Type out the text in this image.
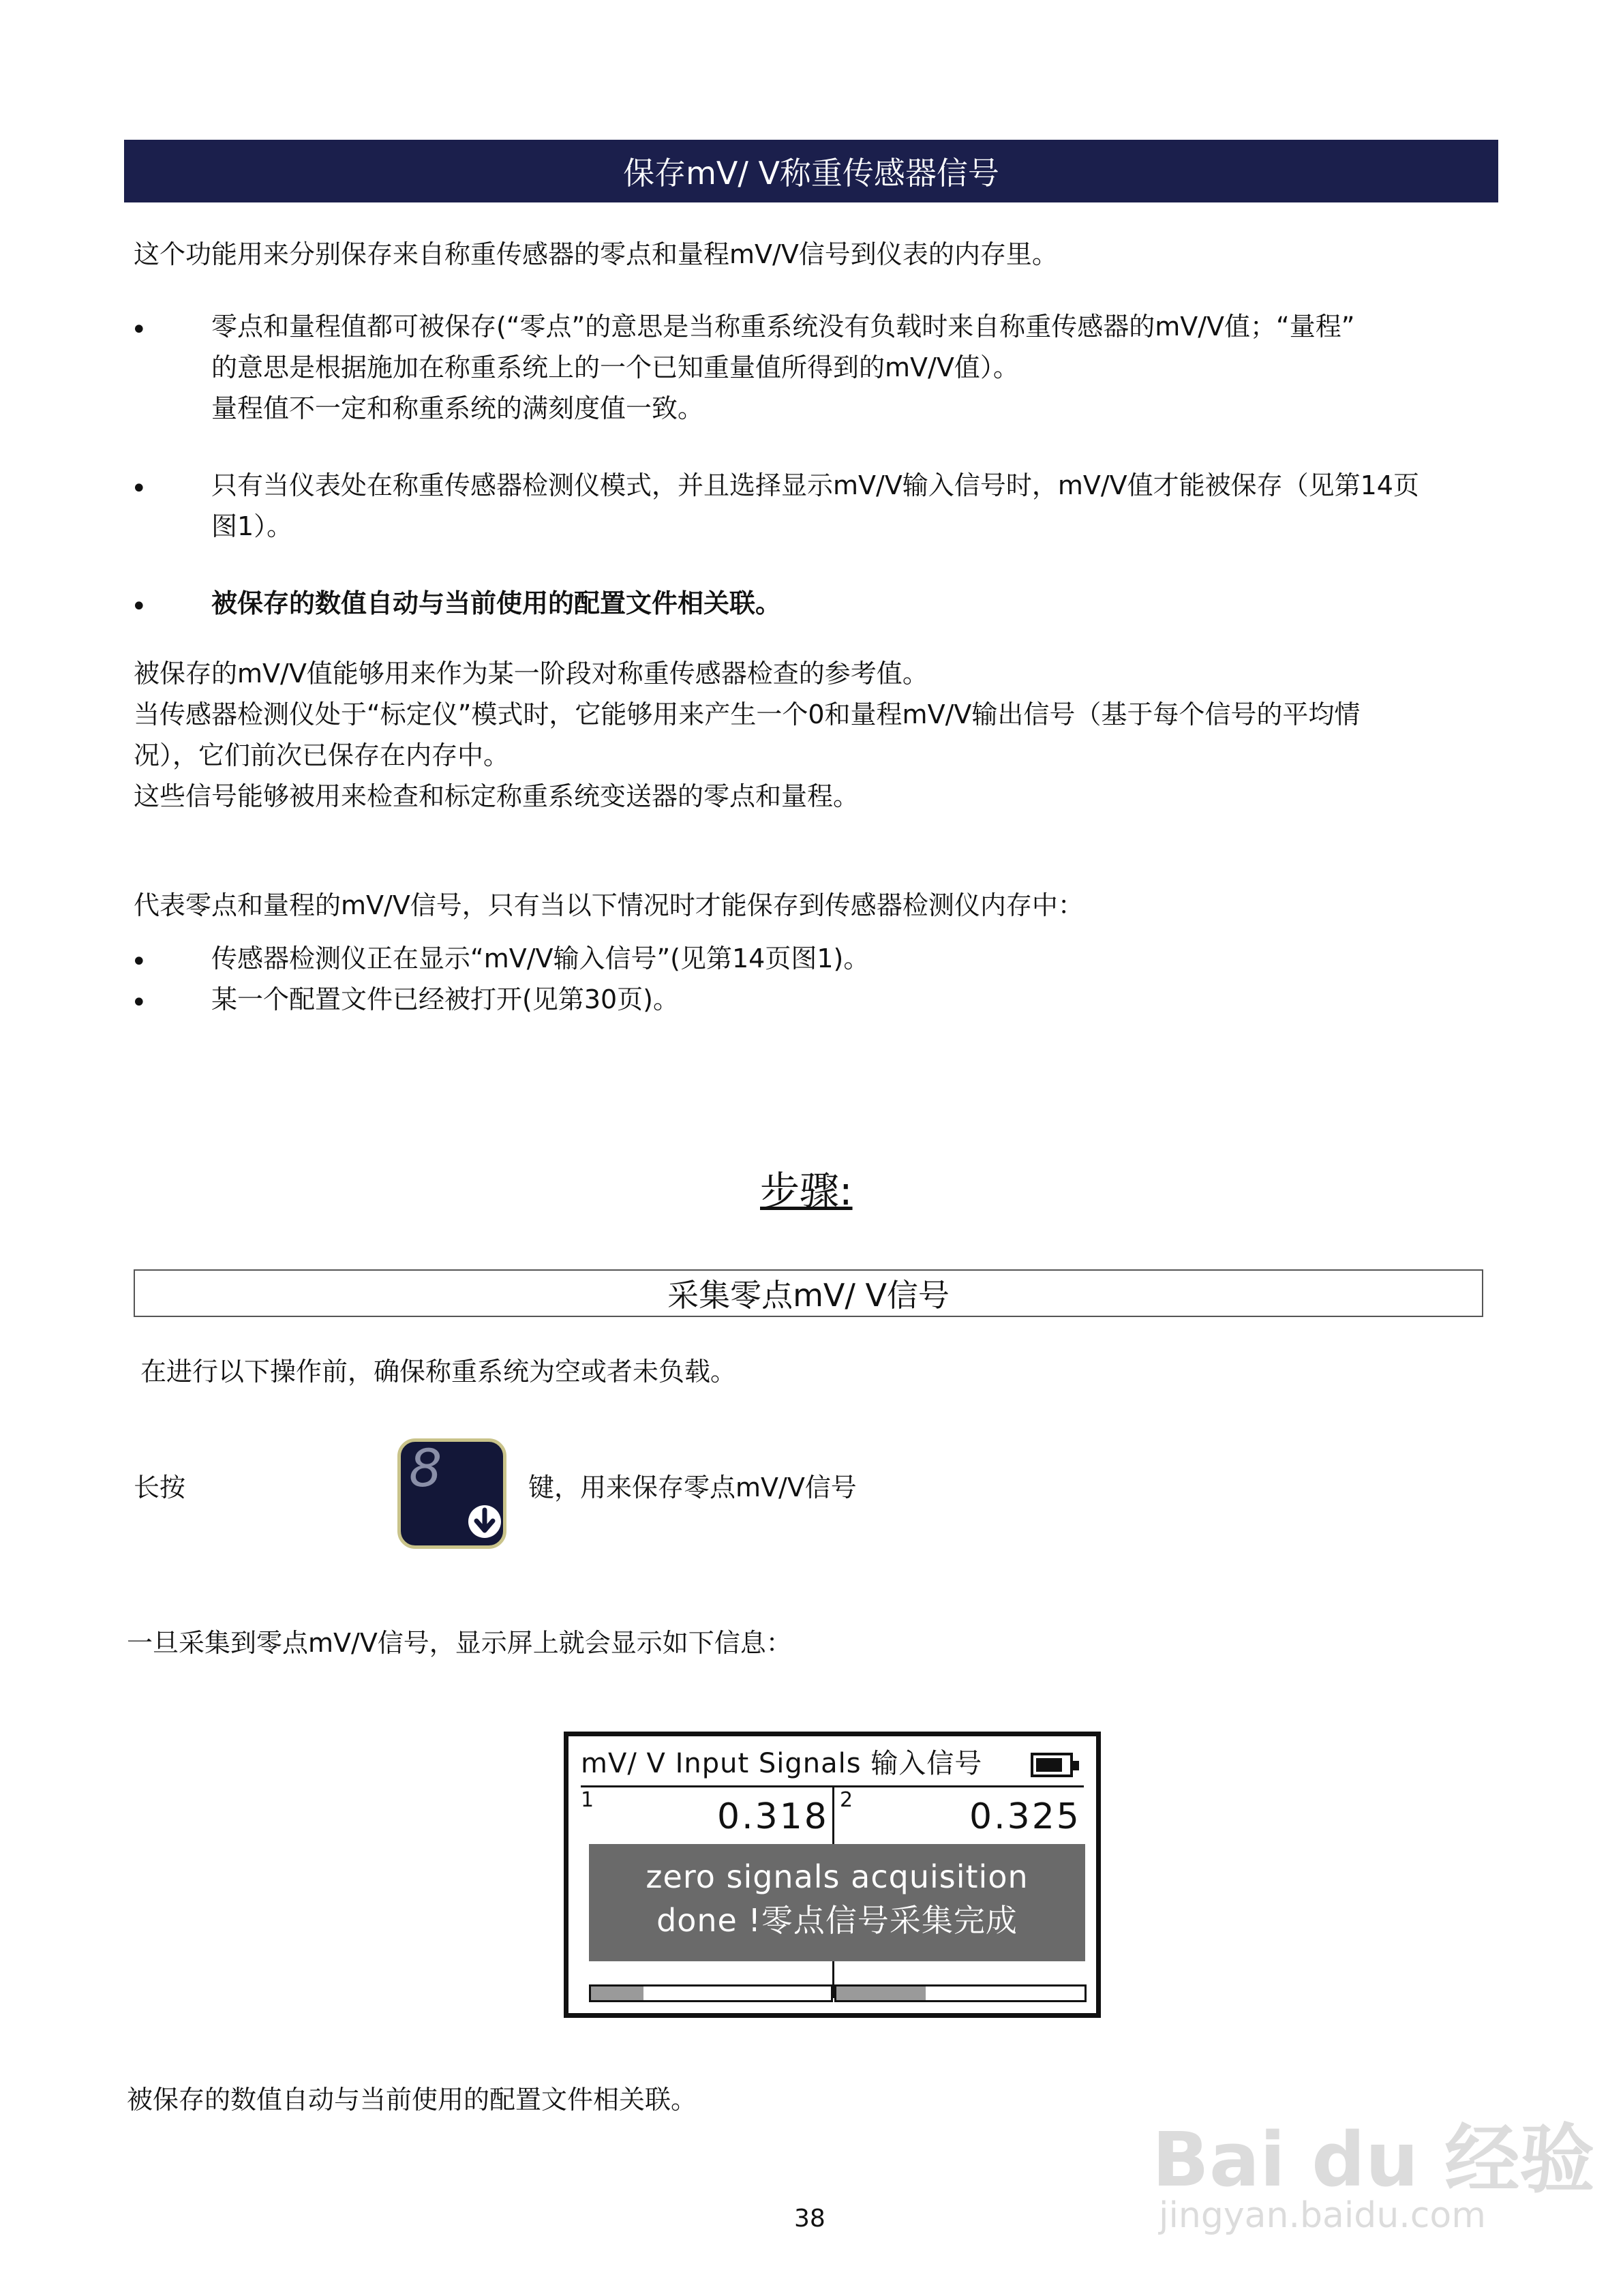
保存mV/ V称重传感器信号
这个功能用来分别保存来自称重传感器的零点和量程mV/V信号到仪表的内存里。
• 零点和量程值都可被保存(“零点”的意思是当称重系统没有负载时来自称重传感器的mV/V值；“量程”
的意思是根据施加在称重系统上的一个已知重量值所得到的mV/V值）。
量程值不一定和称重系统的满刻度值一致。
• 只有当仪表处在称重传感器检测仪模式，并且选择显示mV/V输入信号时，mV/V值才能被保存（见第14页
图1）。
• 被保存的数值自动与当前使用的配置文件相关联。
被保存的mV/V值能够用来作为某一阶段对称重传感器检查的参考值。
当传感器检测仪处于“标定仪”模式时，它能够用来产生一个0和量程mV/V输出信号（基于每个信号的平均情
况），它们前次已保存在内存中。
这些信号能够被用来检查和标定称重系统变送器的零点和量程。
代表零点和量程的mV/V信号，只有当以下情况时才能保存到传感器检测仪内存中：
• 传感器检测仪正在显示“mV/V输入信号”(见第14页图1)。
• 某一个配置文件已经被打开(见第30页)。
步骤:
采集零点mV/ V信号
在进行以下操作前，确保称重系统为空或者未负载。
长按	8	键，用来保存零点mV/V信号
一旦采集到零点mV/V信号，显示屏上就会显示如下信息：
mV/ V Input Signals 输入信号
1	0.318 2	0.325
zero signals acquisition
done !零点信号采集完成
被保存的数值自动与当前使用的配置文件相关联。
Bai du 经验
jingyan.baidu.com
38
